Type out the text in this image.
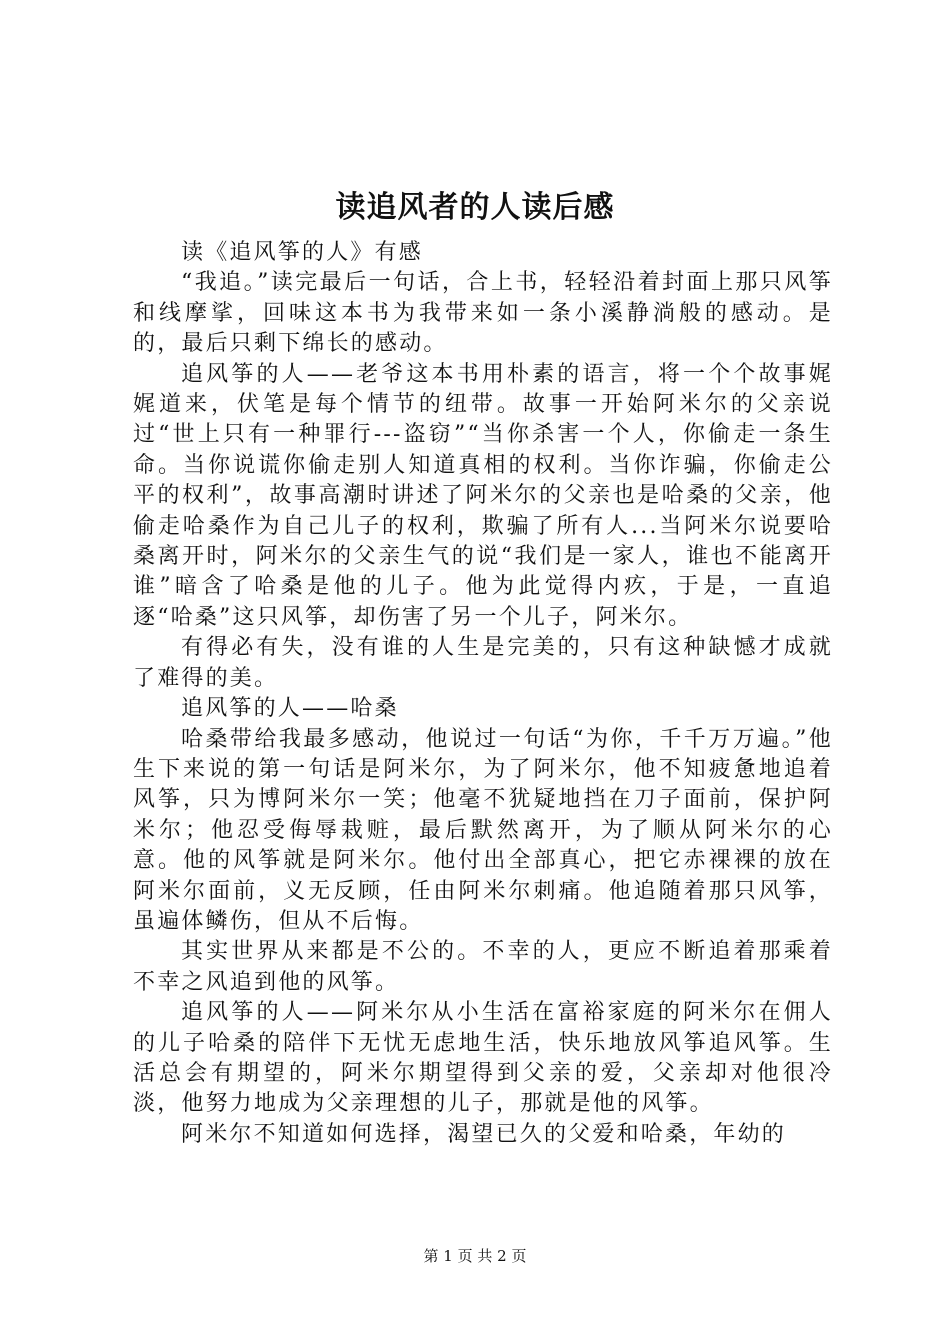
读追风者的人读后感

读《追风筝的人》有感

“我追。”读完最后一句话，合上书，轻轻沿着封面上那只风筝和线摩挲，回味这本书为我带来如一条小溪静淌般的感动。是的，最后只剩下绵长的感动。

追风筝的人——老爷这本书用朴素的语言，将一个个故事娓娓道来，伏笔是每个情节的纽带。故事一开始阿米尔的父亲说过“世上只有一种罪行---盗窃”“当你杀害一个人，你偷走一条生命。当你说谎你偷走别人知道真相的权利。当你诈骗，你偷走公平的权利”，故事高潮时讲述了阿米尔的父亲也是哈桑的父亲，他偷走哈桑作为自己儿子的权利，欺骗了所有人...当阿米尔说要哈桑离开时，阿米尔的父亲生气的说“我们是一家人，谁也不能离开谁”暗含了哈桑是他的儿子。他为此觉得内疚，于是，一直追逐“哈桑”这只风筝，却伤害了另一个儿子，阿米尔。

有得必有失，没有谁的人生是完美的，只有这种缺憾才成就了难得的美。

追风筝的人——哈桑

哈桑带给我最多感动，他说过一句话“为你，千千万万遍。”他生下来说的第一句话是阿米尔，为了阿米尔，他不知疲惫地追着风筝，只为博阿米尔一笑；他毫不犹疑地挡在刀子面前，保护阿米尔；他忍受侮辱栽赃，最后默然离开，为了顺从阿米尔的心意。他的风筝就是阿米尔。他付出全部真心，把它赤裸裸的放在阿米尔面前，义无反顾，任由阿米尔刺痛。他追随着那只风筝，虽遍体鳞伤，但从不后悔。

其实世界从来都是不公的。不幸的人，更应不断追着那乘着不幸之风追到他的风筝。

追风筝的人——阿米尔从小生活在富裕家庭的阿米尔在佣人的儿子哈桑的陪伴下无忧无虑地生活，快乐地放风筝追风筝。生活总会有期望的，阿米尔期望得到父亲的爱，父亲却对他很冷淡，他努力地成为父亲理想的儿子，那就是他的风筝。

阿米尔不知道如何选择，渴望已久的父爱和哈桑，年幼的

第 1 页 共 2 页
